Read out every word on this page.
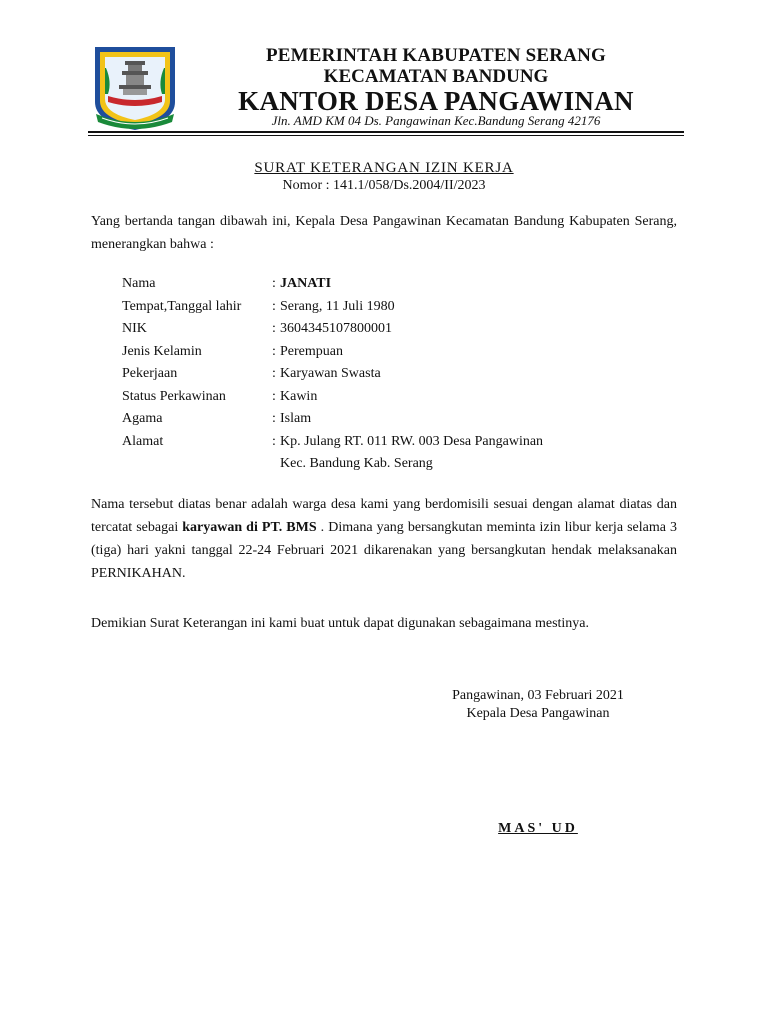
PEMERINTAH KABUPATEN SERANG
KECAMATAN BANDUNG
KANTOR DESA PANGAWINAN
Jln. AMD KM 04 Ds. Pangawinan Kec.Bandung Serang 42176
SURAT KETERANGAN IZIN KERJA
Nomor : 141.1/058/Ds.2004/II/2023
Yang bertanda tangan dibawah ini, Kepala Desa Pangawinan Kecamatan Bandung Kabupaten Serang, menerangkan bahwa :
Nama	: JANATI
Tempat,Tanggal lahir	: Serang, 11 Juli 1980
NIK	: 3604345107800001
Jenis Kelamin	: Perempuan
Pekerjaan	: Karyawan Swasta
Status Perkawinan	: Kawin
Agama	: Islam
Alamat	: Kp. Julang RT. 011 RW. 003 Desa Pangawinan
Kec. Bandung Kab. Serang
Nama tersebut diatas benar adalah warga desa kami yang berdomisili sesuai dengan alamat diatas dan tercatat sebagai karyawan di PT. BMS . Dimana yang bersangkutan meminta izin libur kerja selama 3 (tiga) hari yakni tanggal 22-24 Februari 2021 dikarenakan yang bersangkutan hendak melaksanakan PERNIKAHAN.
Demikian Surat Keterangan ini kami buat untuk dapat digunakan sebagaimana mestinya.
Pangawinan, 03 Februari 2021
Kepala Desa Pangawinan
MAS' UD
